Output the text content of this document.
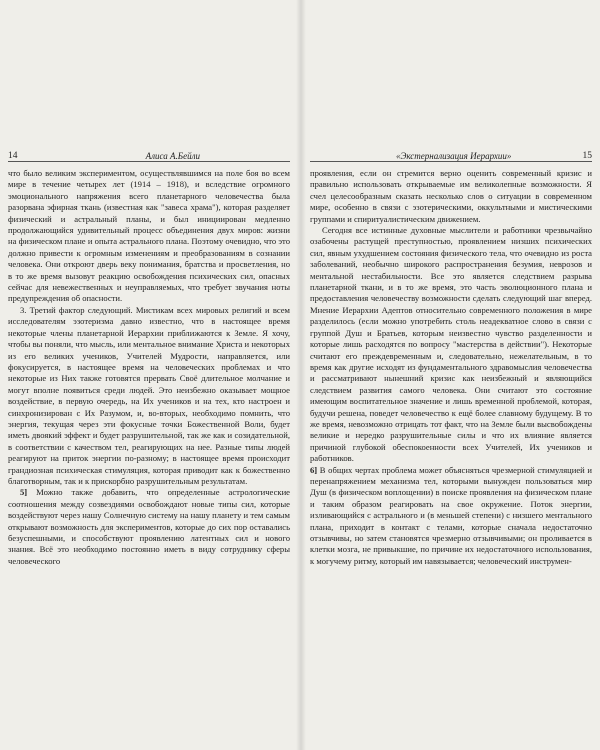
14	Алиса А.Бейли

что было великим экспериментом, осуществлявшимся на поле боя во всем мире в течение четырех лет (1914 – 1918), и вследствие огромного эмоционального напряжения всего планетарного человечества была разорвана эфирная ткань (известная как "завеса храма"), которая разделяет физический и астральный планы, и был инициирован медленно продолжающийся удивительный процесс объединения двух миров: жизни на физическом плане и опыта астрального плана. Поэтому очевидно, что это должно привести к огромным изменениям и преобразованиям в сознании человека. Они откроют дверь веку понимания, братства и просветления, но в то же время вызовут реакцию освобождения психических сил, опасных сейчас для невежественных и неуправляемых, что требует звучания ноты предупреждения об опасности.

3. Третий фактор следующий. Мистикам всех мировых религий и всем исследователям эзотеризма давно известно, что в настоящее время некоторые члены планетарной Иерархии приближаются к Земле. Я хочу, чтобы вы поняли, что мысль, или ментальное внимание Христа и некоторых из его великих учеников, Учителей Мудрости, направляется, или фокусируется, в настоящее время на человеческих проблемах и что некоторые из Них также готовятся прервать Своё длительное молчание и могут вполне появиться среди людей. Это неизбежно оказывает мощное воздействие, в первую очередь, на Их учеников и на тех, кто настроен и синхронизирован с Их Разумом, и, во-вторых, необходимо помнить, что энергия, текущая через эти фокусные точки Божественной Воли, будет иметь двоякий эффект и будет разрушительной, так же как и созидательной, в соответствии с качеством тел, реагирующих на нее. Разные типы людей реагируют на приток энергии по-разному; в настоящее время происходит грандиозная психическая стимуляция, которая приводит как к божественно благотворным, так и к прискорбно разрушительным результатам.

5] Можно также добавить, что определенные астрологические соотношения между созвездиями освобождают новые типы сил, которые воздействуют через нашу Солнечную систему на нашу планету и тем самым открывают возможность для экспериментов, которые до сих пор оставались безуспешными, и способствуют проявлению латентных сил и нового знания. Всё это необходимо постоянно иметь в виду сотруднику сферы человеческого

«Экстернализация Иерархии»	15

проявления, если он стремится верно оценить современный кризис и правильно использовать открываемые им великолепные возможности. Я счел целесообразным сказать несколько слов о ситуации в современном мире, особенно в связи с эзотерическими, оккультными и мистическими группами и спиритуалистическим движением.

Сегодня все истинные духовные мыслители и работники чрезвычайно озабочены растущей преступностью, проявлением низших психических сил, явным ухудшением состояния физического тела, что очевидно из роста заболеваний, необычно широкого распространения безумия, неврозов и ментальной нестабильности. Все это является следствием разрыва планетарной ткани, и в то же время, это часть эволюционного плана и предоставления человечеству возможности сделать следующий шаг вперед. Мнение Иерархии Адептов относительно современного положения в мире разделилось (если можно употребить столь неадекватное слово в связи с группой Душ и Братьев, которым неизвестно чувство разделенности и которые лишь расходятся по вопросу "мастерства в действии"). Некоторые считают его преждевременным и, следовательно, нежелательным, в то время как другие исходят из фундаментального здравомыслия человечества и рассматривают нынешний кризис как неизбежный и являющийся следствием развития самого человека. Они считают это состояние имеющим воспитательное значение и лишь временной проблемой, которая, будучи решена, поведет человечество к ещё более славному будущему. В то же время, невозможно отрицать тот факт, что на Земле были высвобождены великие и нередко разрушительные силы и что их влияние является причиной глубокой обеспокоенности всех Учителей, Их учеников и работников.

6] В общих чертах проблема может объясняться чрезмерной стимуляцией и перенапряжением механизма тел, которыми вынужден пользоваться мир Душ (в физическом воплощении) в поиске проявления на физическом плане и таким образом реагировать на свое окружение. Поток энергии, изливающийся с астрального и (в меньшей степени) с низшего ментального плана, приходит в контакт с телами, которые сначала недостаточно отзывчивы, но затем становятся чрезмерно отзывчивыми; он проливается в клетки мозга, не привыкшие, по причине их недостаточного использования, к могучему ритму, который им навязывается; человеческий инструмен-
